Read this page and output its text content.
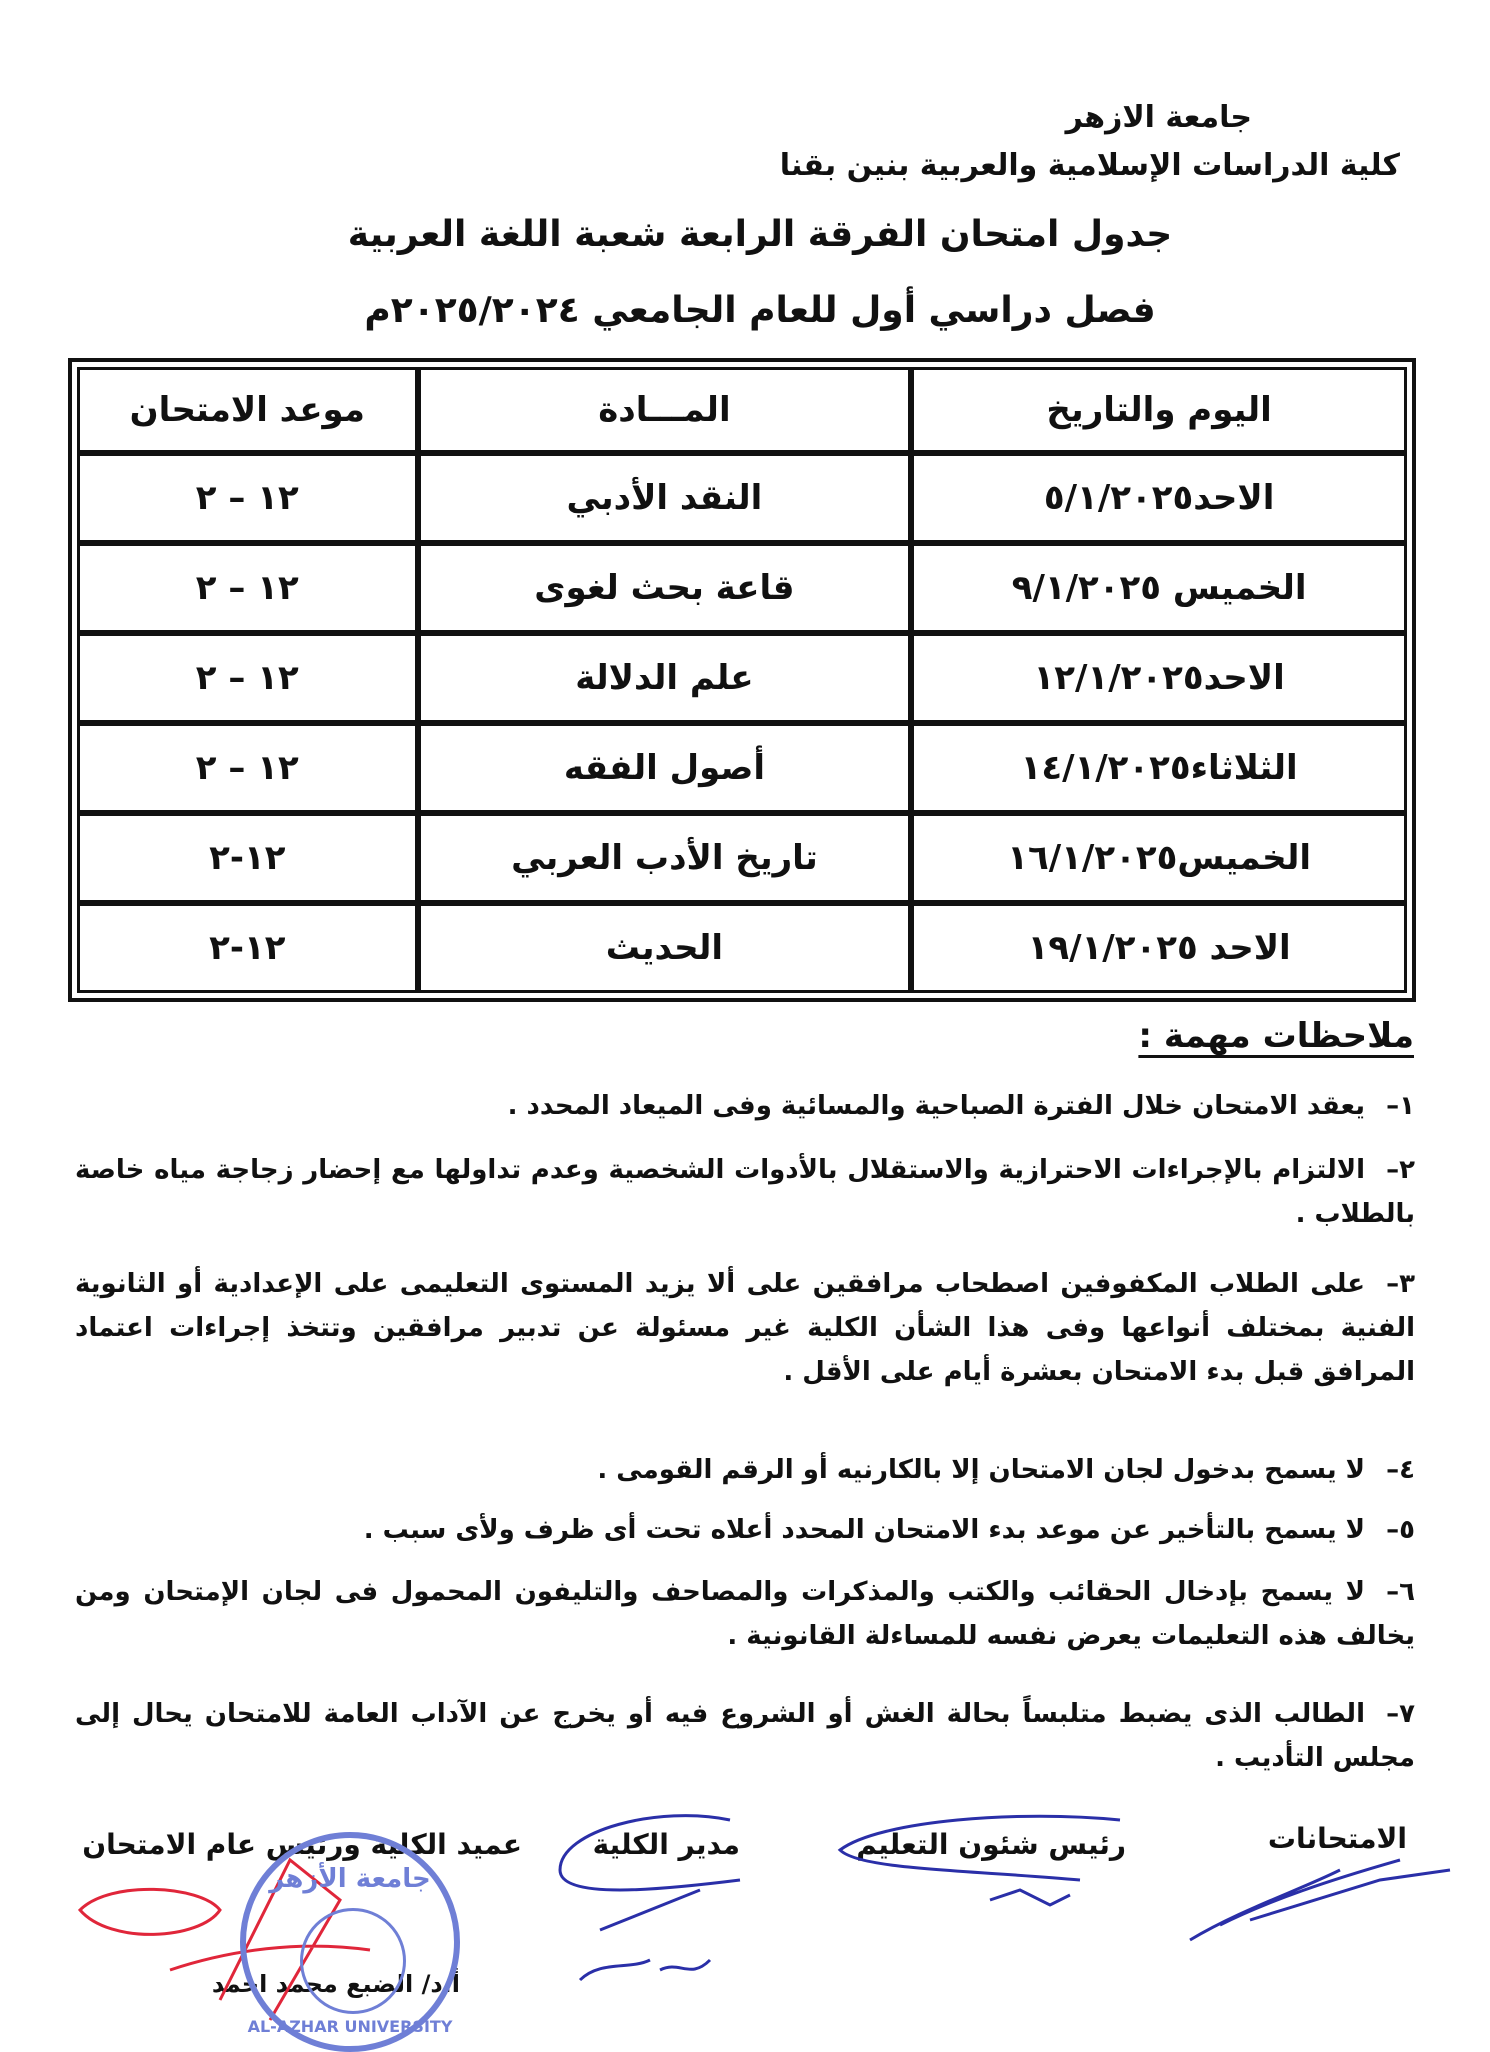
جامعة الازهر
كلية الدراسات الإسلامية والعربية بنين بقنا
جدول امتحان الفرقة الرابعة شعبة اللغة العربية
فصل دراسي أول للعام الجامعي ٢٠٢٥/٢٠٢٤م
اليوم والتاريخ	المـــادة	موعد الامتحان
الاحد٥/١/٢٠٢٥	النقد الأدبي	١٢ – ٢
الخميس ٩/١/٢٠٢٥	قاعة بحث لغوى	١٢ – ٢
الاحد١٢/١/٢٠٢٥	علم الدلالة	١٢ – ٢
الثلاثاء١٤/١/٢٠٢٥	أصول الفقه	١٢ – ٢
الخميس١٦/١/٢٠٢٥	تاريخ الأدب العربي	١٢-٢
الاحد ١٩/١/٢٠٢٥	الحديث	١٢-٢
ملاحظات مهمة :
١–يعقد الامتحان خلال الفترة الصباحية والمسائية وفى الميعاد المحدد .
٢–الالتزام بالإجراءات الاحترازية والاستقلال بالأدوات الشخصية وعدم تداولها مع إحضار زجاجة مياه خاصة بالطلاب .
٣–على الطلاب المكفوفين اصطحاب مرافقين على ألا يزيد المستوى التعليمى على الإعدادية أو الثانوية الفنية بمختلف أنواعها وفى هذا الشأن الكلية غير مسئولة عن تدبير مرافقين وتتخذ إجراءات اعتماد المرافق قبل بدء الامتحان بعشرة أيام على الأقل .
٤–لا يسمح بدخول لجان الامتحان إلا بالكارنيه أو الرقم القومى .
٥–لا يسمح بالتأخير عن موعد بدء الامتحان المحدد أعلاه تحت أى ظرف ولأى سبب .
٦–لا يسمح بإدخال الحقائب والكتب والمذكرات والمصاحف والتليفون المحمول فى لجان الإمتحان ومن يخالف هذه التعليمات يعرض نفسه للمساءلة القانونية .
٧–الطالب الذى يضبط متلبساً بحالة الغش أو الشروع فيه أو يخرج عن الآداب العامة للامتحان يحال إلى مجلس التأديب .
الامتحانات
رئيس شئون التعليم
مدير الكلية
عميد الكلية ورئيس عام الامتحان
أ.د/ الضبع محمد احمد
جامعة الأزهر
AL-AZHAR UNIVERSITY
